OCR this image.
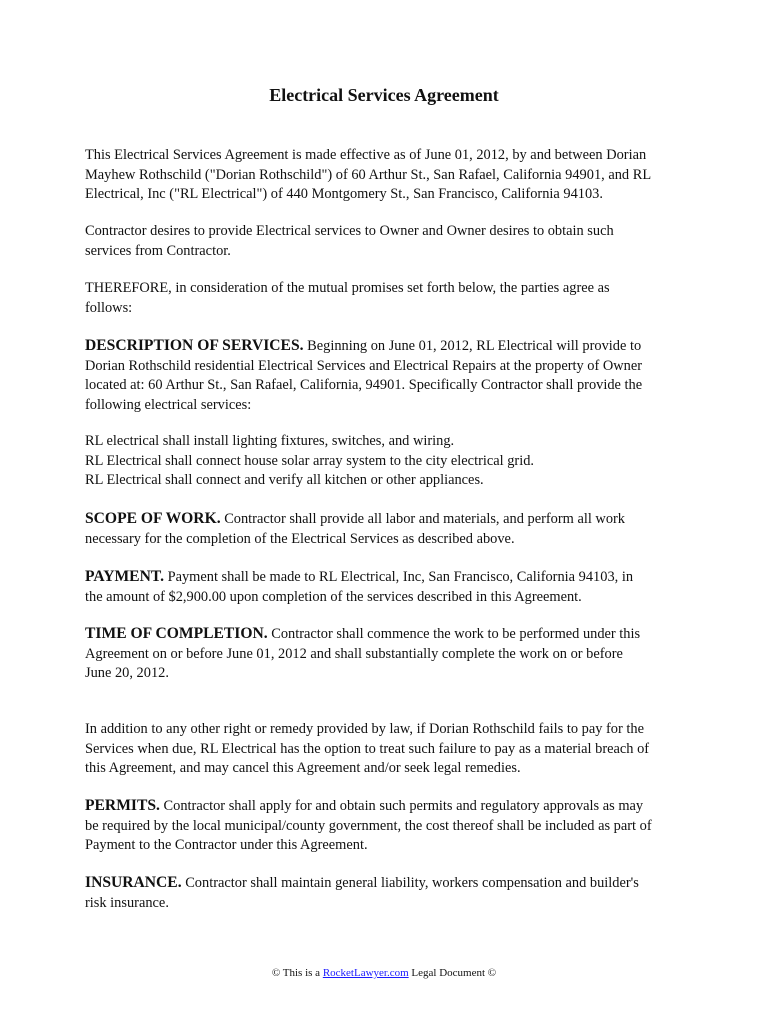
Electrical Services Agreement
This Electrical Services Agreement is made effective as of June 01, 2012, by and between Dorian
Mayhew Rothschild ("Dorian Rothschild") of 60 Arthur St., San Rafael, California 94901, and RL
Electrical, Inc ("RL Electrical") of 440 Montgomery St., San Francisco, California 94103.
Contractor desires to provide Electrical services to Owner and Owner desires to obtain such
services from Contractor.
THEREFORE, in consideration of the mutual promises set forth below, the parties agree as
follows:
DESCRIPTION OF SERVICES. Beginning on June 01, 2012, RL Electrical will provide to
Dorian Rothschild residential Electrical Services and Electrical Repairs at the property of Owner
located at: 60 Arthur St., San Rafael, California, 94901. Specifically Contractor shall provide the
following electrical services:
RL electrical shall install lighting fixtures, switches, and wiring.
RL Electrical shall connect house solar array system to the city electrical grid.
RL Electrical shall connect and verify all kitchen or other appliances.
SCOPE OF WORK. Contractor shall provide all labor and materials, and perform all work
necessary for the completion of the Electrical Services as described above.
PAYMENT. Payment shall be made to RL Electrical, Inc, San Francisco, California 94103, in
the amount of $2,900.00 upon completion of the services described in this Agreement.
TIME OF COMPLETION. Contractor shall commence the work to be performed under this
Agreement on or before June 01, 2012 and shall substantially complete the work on or before
June 20, 2012.
In addition to any other right or remedy provided by law, if Dorian Rothschild fails to pay for the
Services when due, RL Electrical has the option to treat such failure to pay as a material breach of
this Agreement, and may cancel this Agreement and/or seek legal remedies.
PERMITS. Contractor shall apply for and obtain such permits and regulatory approvals as may
be required by the local municipal/county government, the cost thereof shall be included as part of
Payment to the Contractor under this Agreement.
INSURANCE. Contractor shall maintain general liability, workers compensation and builder's
risk insurance.
© This is a RocketLawyer.com Legal Document ©
